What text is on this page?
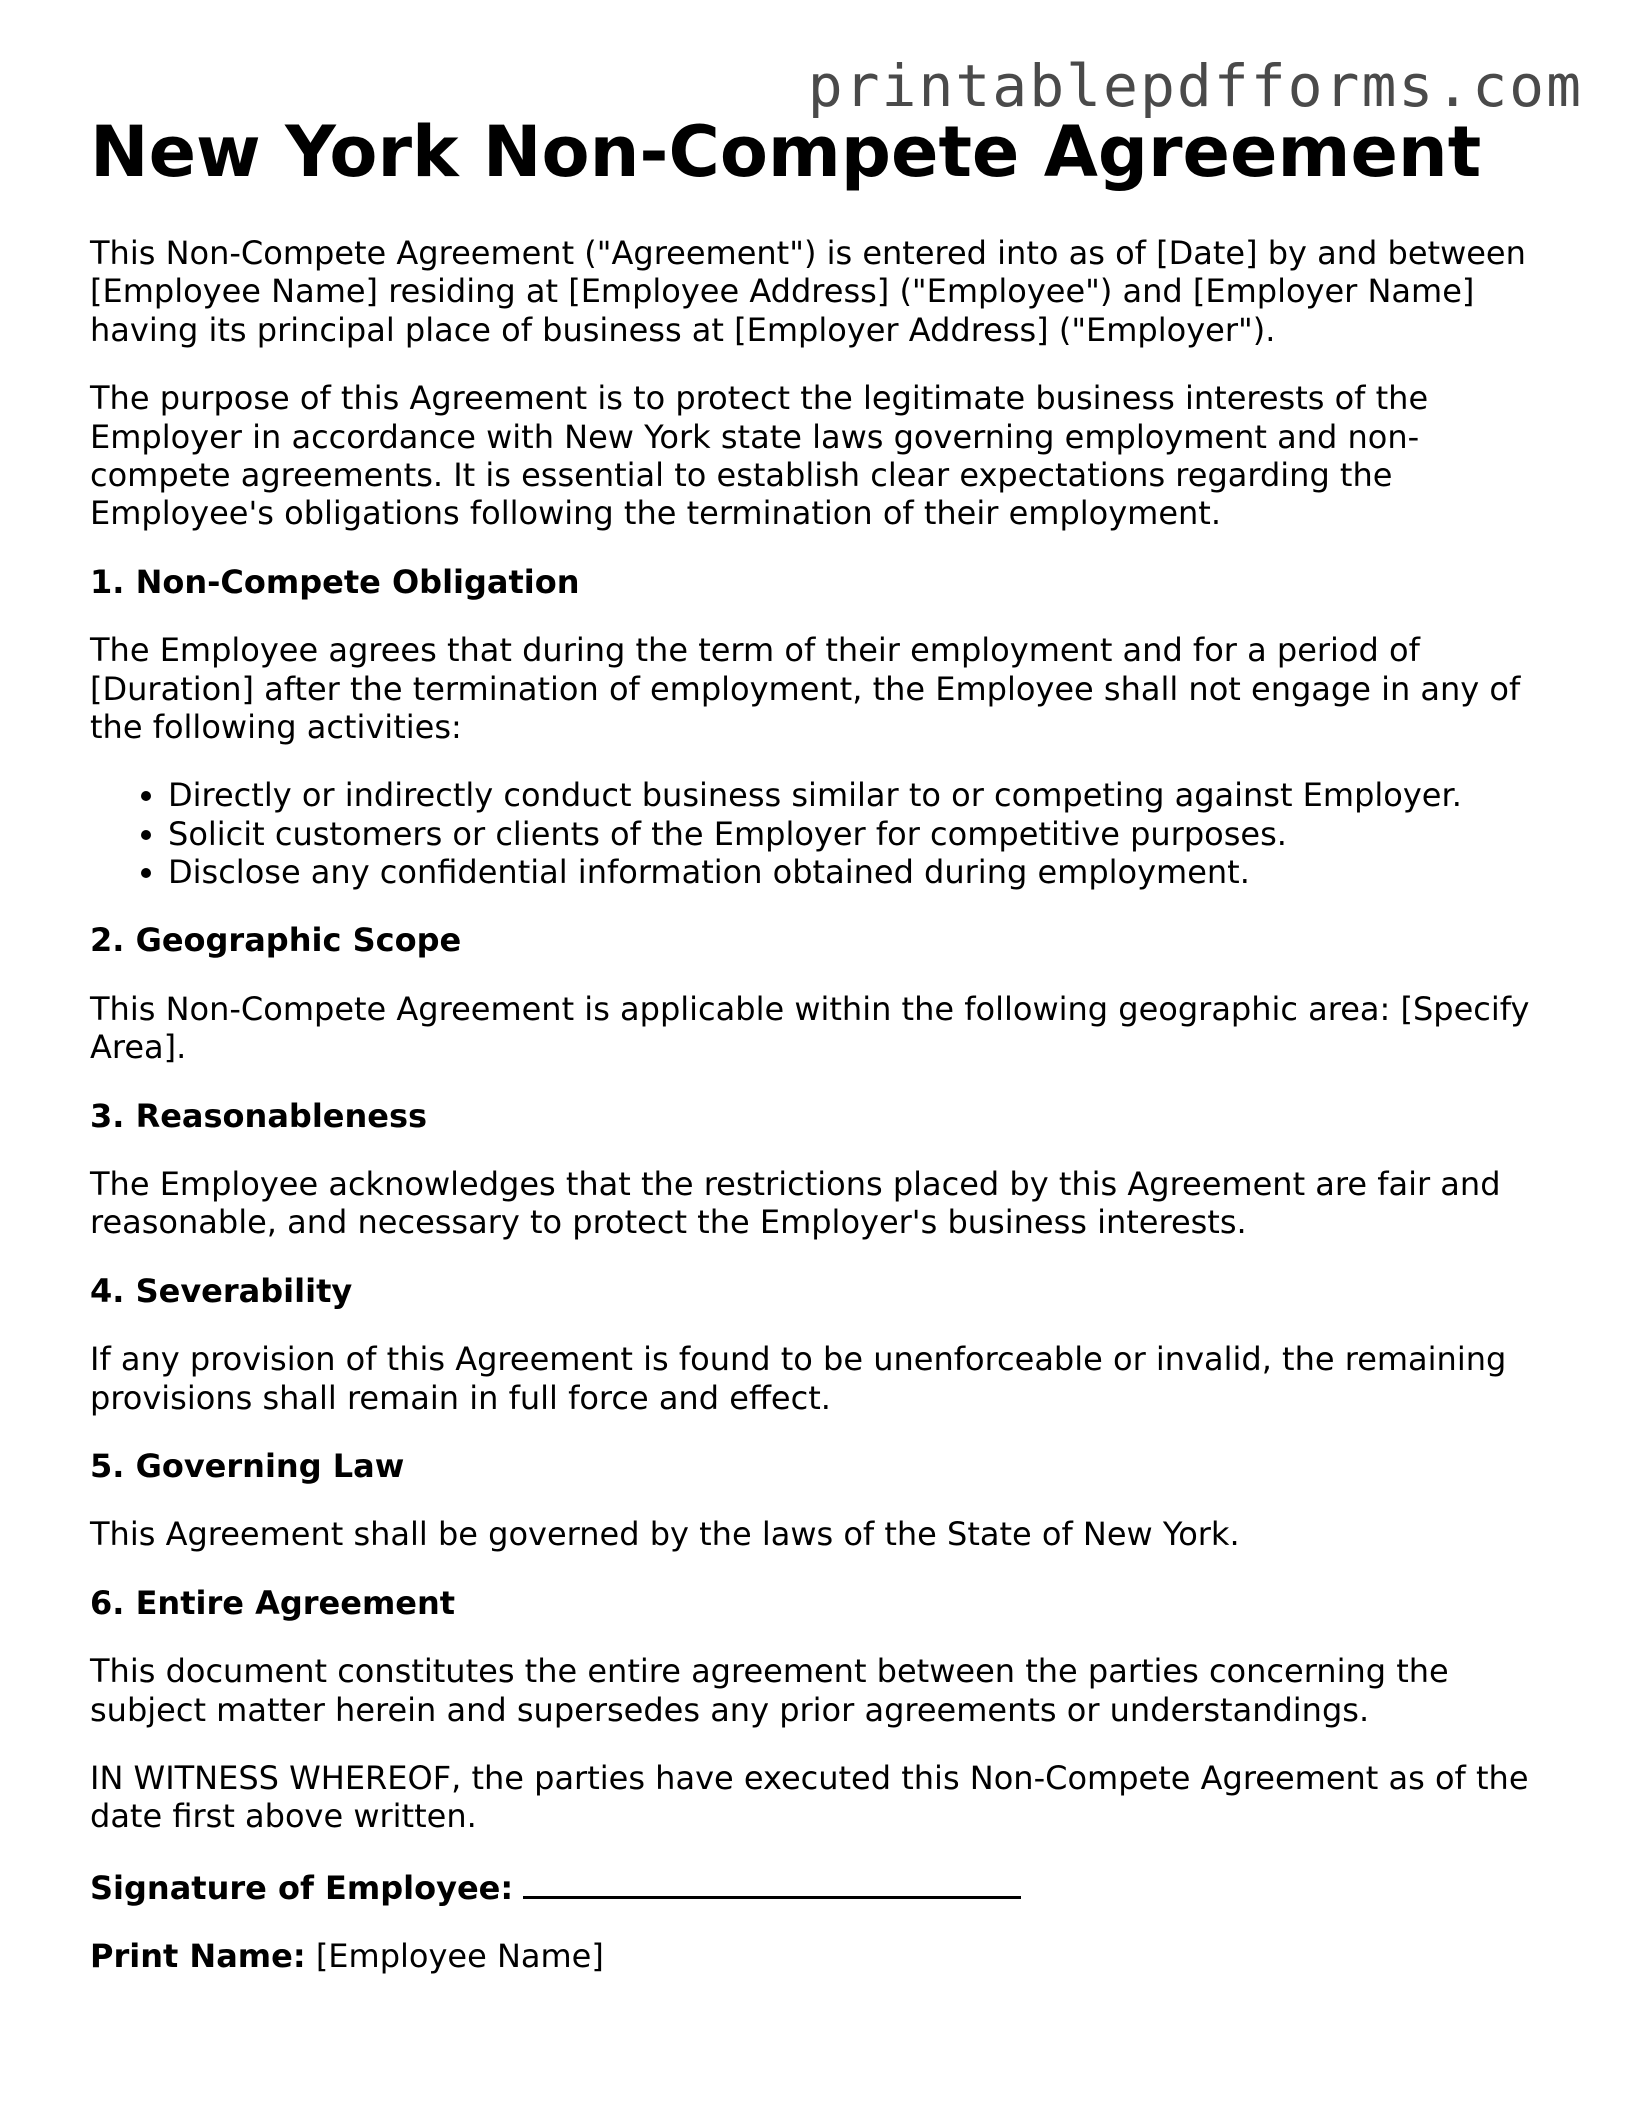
printablepdfforms.com
New York Non-Compete Agreement

This Non-Compete Agreement ("Agreement") is entered into as of [Date] by and between [Employee Name] residing at [Employee Address] ("Employee") and [Employer Name] having its principal place of business at [Employer Address] ("Employer").

The purpose of this Agreement is to protect the legitimate business interests of the Employer in accordance with New York state laws governing employment and non-compete agreements. It is essential to establish clear expectations regarding the Employee's obligations following the termination of their employment.

1. Non-Compete Obligation

The Employee agrees that during the term of their employment and for a period of [Duration] after the termination of employment, the Employee shall not engage in any of the following activities:

• Directly or indirectly conduct business similar to or competing against Employer.
• Solicit customers or clients of the Employer for competitive purposes.
• Disclose any confidential information obtained during employment.
2. Geographic Scope

This Non-Compete Agreement is applicable within the following geographic area: [Specify Area].

3. Reasonableness

The Employee acknowledges that the restrictions placed by this Agreement are fair and reasonable, and necessary to protect the Employer's business interests.

4. Severability

If any provision of this Agreement is found to be unenforceable or invalid, the remaining provisions shall remain in full force and effect.

5. Governing Law

This Agreement shall be governed by the laws of the State of New York.

6. Entire Agreement

This document constitutes the entire agreement between the parties concerning the subject matter herein and supersedes any prior agreements or understandings.

IN WITNESS WHEREOF, the parties have executed this Non-Compete Agreement as of the date first above written.

Signature of Employee:

Print Name: [Employee Name]
